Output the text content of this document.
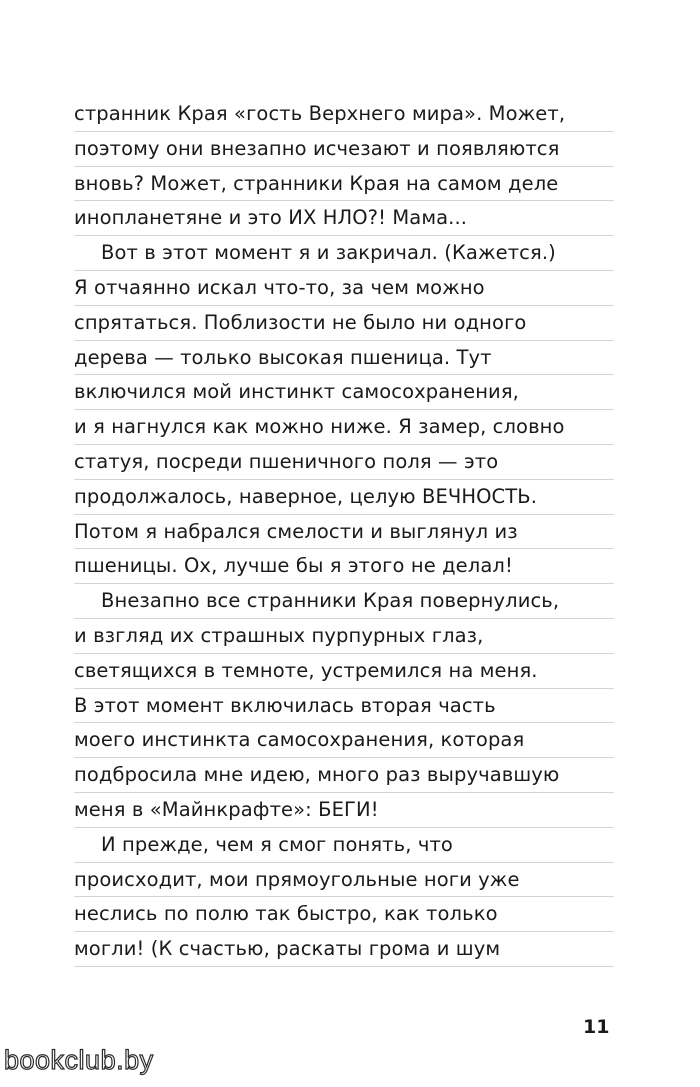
странник Края «гость Верхнего мира». Может,
поэтому они внезапно исчезают и появляются
вновь? Может, странники Края на самом деле
инопланетяне и это ИХ НЛО?! Мама...
Вот в этот момент я и закричал. (Кажется.)
Я отчаянно искал что-то, за чем можно
спрятаться. Поблизости не было ни одного
дерева — только высокая пшеница. Тут
включился мой инстинкт самосохранения,
и я нагнулся как можно ниже. Я замер, словно
статуя, посреди пшеничного поля — это
продолжалось, наверное, целую ВЕЧНОСТЬ.
Потом я набрался смелости и выглянул из
пшеницы. Ох, лучше бы я этого не делал!
Внезапно все странники Края повернулись,
и взгляд их страшных пурпурных глаз,
светящихся в темноте, устремился на меня.
В этот момент включилась вторая часть
моего инстинкта самосохранения, которая
подбросила мне идею, много раз выручавшую
меня в «Майнкрафте»: БЕГИ!
И прежде, чем я смог понять, что
происходит, мои прямоугольные ноги уже
неслись по полю так быстро, как только
могли! (К счастью, раскаты грома и шум
11
bookclub.by
